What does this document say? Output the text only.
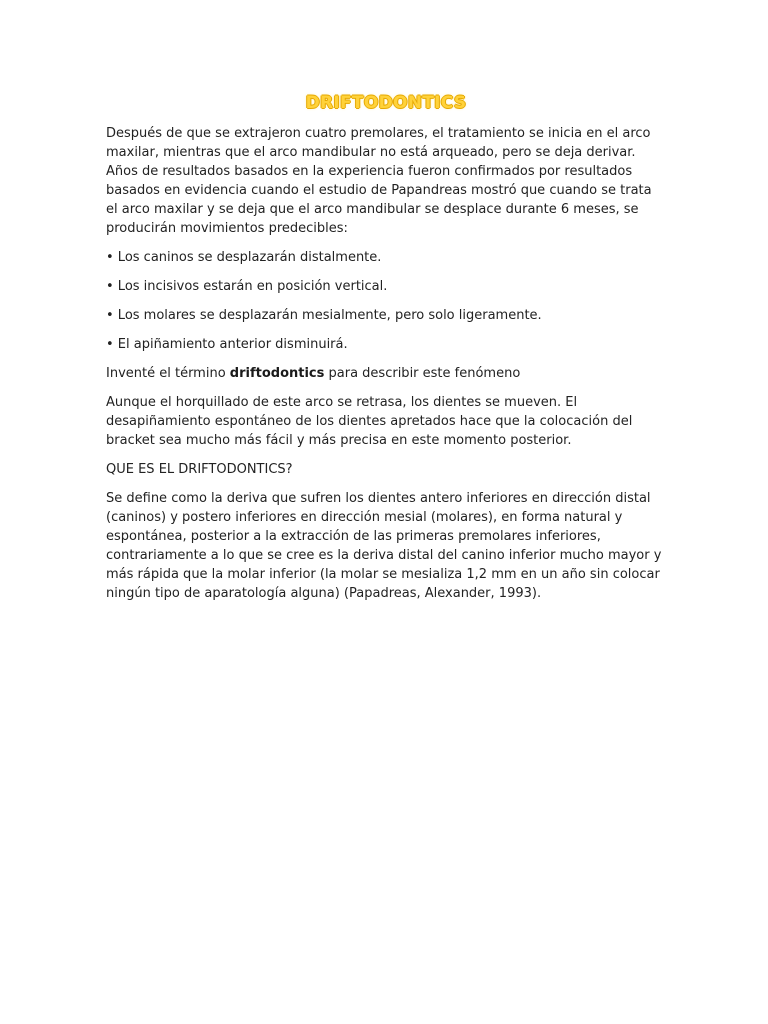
DRIFTODONTICS

Después de que se extrajeron cuatro premolares, el tratamiento se inicia en el arco maxilar, mientras que el arco mandibular no está arqueado, pero se deja derivar. Años de resultados basados en la experiencia fueron confirmados por resultados basados en evidencia cuando el estudio de Papandreas mostró que cuando se trata el arco maxilar y se deja que el arco mandibular se desplace durante 6 meses, se producirán movimientos predecibles:

• Los caninos se desplazarán distalmente.
• Los incisivos estarán en posición vertical.
• Los molares se desplazarán mesialmente, pero solo ligeramente.
• El apiñamiento anterior disminuirá.

Inventé el término driftodontics para describir este fenómeno

Aunque el horquillado de este arco se retrasa, los dientes se mueven. El desapiñamiento espontáneo de los dientes apretados hace que la colocación del bracket sea mucho más fácil y más precisa en este momento posterior.

QUE ES EL DRIFTODONTICS?

Se define como la deriva que sufren los dientes antero inferiores en dirección distal (caninos) y postero inferiores en dirección mesial (molares), en forma natural y espontánea, posterior a la extracción de las primeras premolares inferiores, contrariamente a lo que se cree es la deriva distal del canino inferior mucho mayor y más rápida que la molar inferior (la molar se mesializa 1,2 mm en un año sin colocar ningún tipo de aparatología alguna) (Papadreas, Alexander, 1993).
